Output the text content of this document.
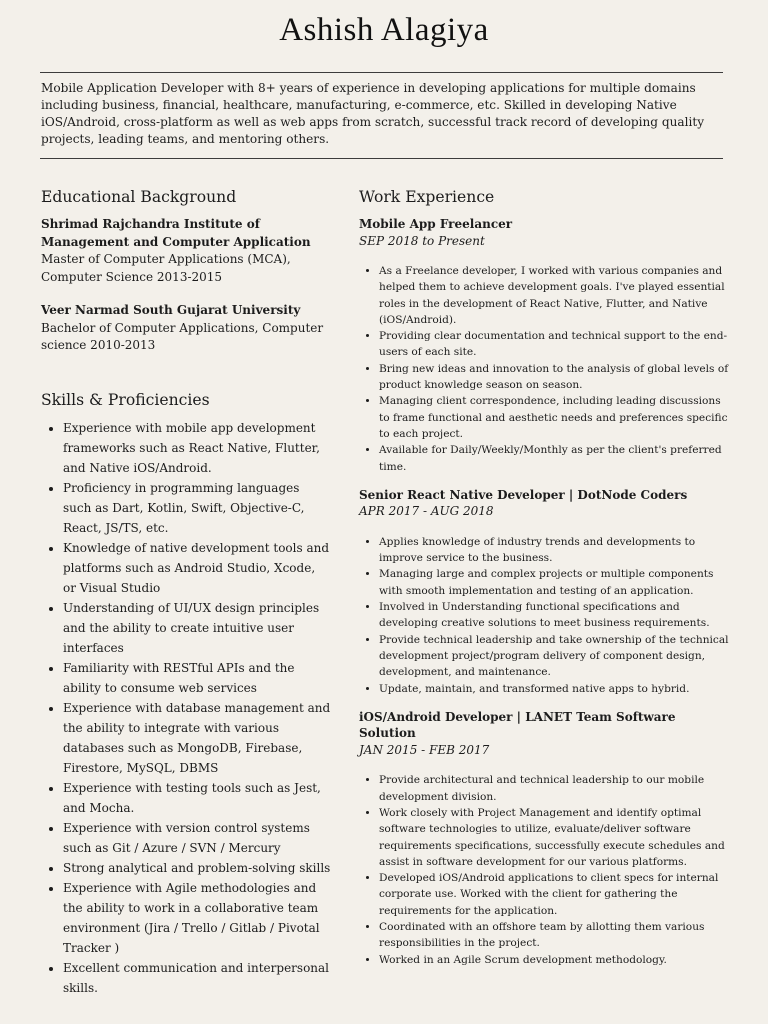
Ashish Alagiya
Mobile Application Developer with 8+ years of experience in developing applications for multiple domains including business, financial, healthcare, manufacturing, e-commerce, etc. Skilled in developing Native iOS/Android, cross-platform as well as web apps from scratch, successful track record of developing quality projects, leading teams, and mentoring others.
Educational Background
Shrimad Rajchandra Institute of Management and Computer Application
Master of Computer Applications (MCA), Computer Science 2013-2015
Veer Narmad South Gujarat University
Bachelor of Computer Applications, Computer science 2010-2013
Skills & Proficiencies
• Experience with mobile app development frameworks such as React Native, Flutter, and Native iOS/Android.
• Proficiency in programming languages such as Dart, Kotlin, Swift, Objective-C, React, JS/TS, etc.
• Knowledge of native development tools and platforms such as Android Studio, Xcode, or Visual Studio
• Understanding of UI/UX design principles and the ability to create intuitive user interfaces
• Familiarity with RESTful APIs and the ability to consume web services
• Experience with database management and the ability to integrate with various databases such as MongoDB, Firebase, Firestore, MySQL, DBMS
• Experience with testing tools such as Jest, and Mocha.
• Experience with version control systems such as Git / Azure / SVN / Mercury
• Strong analytical and problem-solving skills
• Experience with Agile methodologies and the ability to work in a collaborative team environment (Jira / Trello / Gitlab / Pivotal Tracker )
• Excellent communication and interpersonal skills.
Work Experience
Mobile App Freelancer
SEP 2018 to Present
• As a Freelance developer, I worked with various companies and helped them to achieve development goals. I've played essential roles in the development of React Native, Flutter, and Native (iOS/Android).
• Providing clear documentation and technical support to the end-users of each site.
• Bring new ideas and innovation to the analysis of global levels of product knowledge season on season.
• Managing client correspondence, including leading discussions to frame functional and aesthetic needs and preferences specific to each project.
• Available for Daily/Weekly/Monthly as per the client's preferred time.
Senior React Native Developer | DotNode Coders
APR 2017 - AUG 2018
• Applies knowledge of industry trends and developments to improve service to the business.
• Managing large and complex projects or multiple components with smooth implementation and testing of an application.
• Involved in Understanding functional specifications and developing creative solutions to meet business requirements.
• Provide technical leadership and take ownership of the technical development project/program delivery of component design, development, and maintenance.
• Update, maintain, and transformed native apps to hybrid.
iOS/Android Developer | LANET Team Software Solution
JAN 2015 - FEB 2017
• Provide architectural and technical leadership to our mobile development division.
• Work closely with Project Management and identify optimal software technologies to utilize, evaluate/deliver software requirements specifications, successfully execute schedules and assist in software development for our various platforms.
• Developed iOS/Android applications to client specs for internal corporate use. Worked with the client for gathering the requirements for the application.
• Coordinated with an offshore team by allotting them various responsibilities in the project.
• Worked in an Agile Scrum development methodology.
